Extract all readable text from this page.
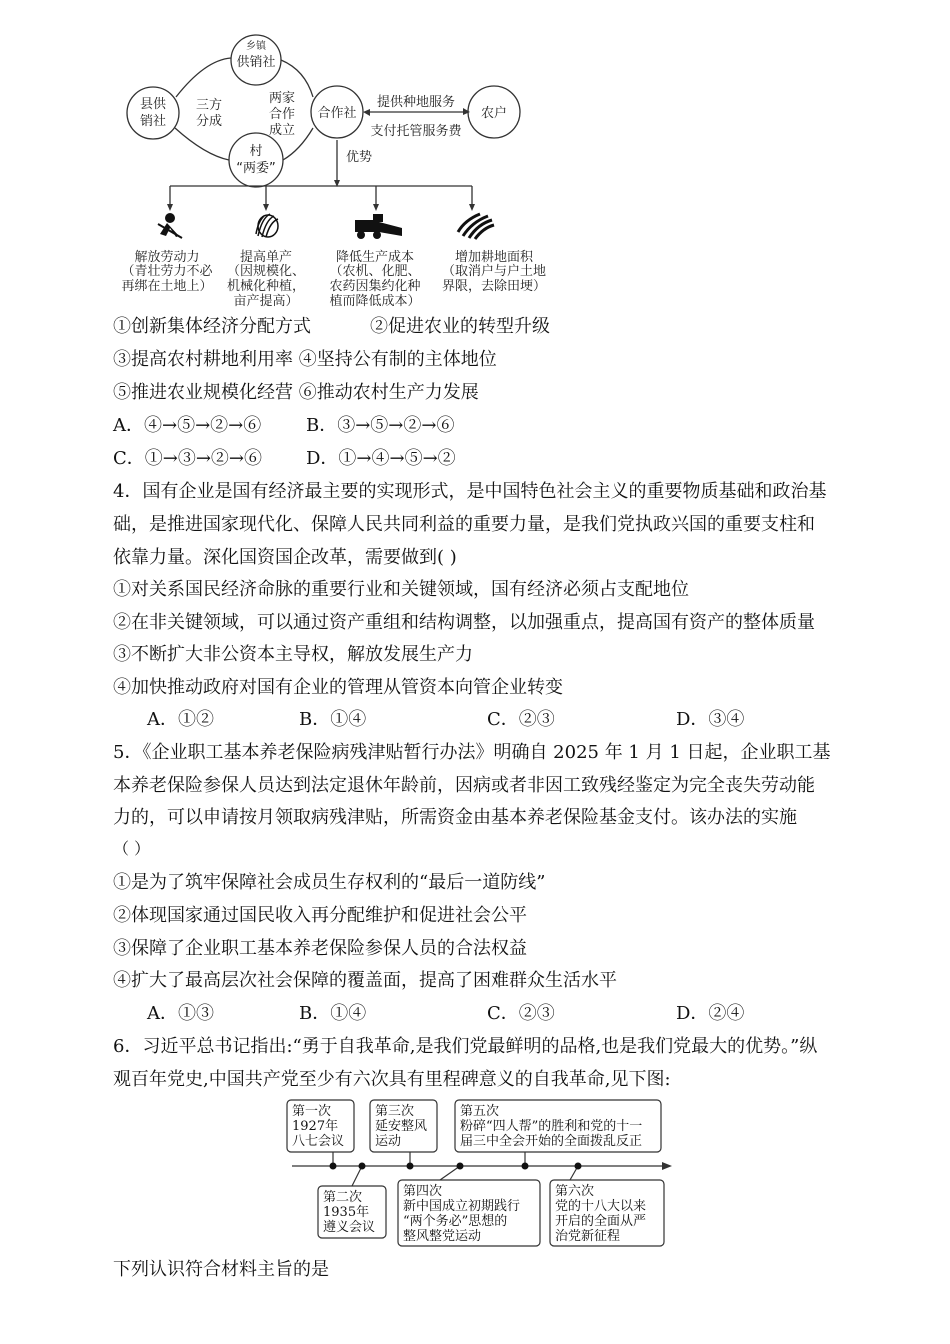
乡镇
供销社
县供
销社
三方
分成
村
“两委”
两家
合作
成立
合作社
提供种地服务
支付托管服务费
农户
优势
解放劳动力
（青壮劳力不必
再绑在土地上）
提高单产
（因规模化、
机械化种植，
亩产提高）
降低生产成本
（农机、化肥、
农药因集约化种
植而降低成本）
增加耕地面积
（取消户与户土地
界限，去除田埂）
①创新集体经济分配方式	②促进农业的转型升级
③提高农村耕地利用率 ④坚持公有制的主体地位
⑤推进农业规模化经营 ⑥推动农村生产力发展
A．④→⑤→②→⑥ B．③→⑤→②→⑥
C．①→③→②→⑥ D．①→④→⑤→②
4．国有企业是国有经济最主要的实现形式，是中国特色社会主义的重要物质基础和政治基
础，是推进国家现代化、保障人民共同利益的重要力量，是我们党执政兴国的重要支柱和
依靠力量。深化国资国企改革，需要做到( )
①对关系国民经济命脉的重要行业和关键领域，国有经济必须占支配地位
②在非关键领域，可以通过资产重组和结构调整，以加强重点，提高国有资产的整体质量
③不断扩大非公资本主导权，解放发展生产力
④加快推动政府对国有企业的管理从管资本向管企业转变
A．①②	B．①④	C．②③	D．③④
5．《企业职工基本养老保险病残津贴暂行办法》明确自 2025 年 1 月 1 日起，企业职工基
本养老保险参保人员达到法定退休年龄前，因病或者非因工致残经鉴定为完全丧失劳动能
力的，可以申请按月领取病残津贴，所需资金由基本养老保险基金支付。该办法的实施
（ ）
①是为了筑牢保障社会成员生存权利的“最后一道防线”
②体现国家通过国民收入再分配维护和促进社会公平
③保障了企业职工基本养老保险参保人员的合法权益
④扩大了最高层次社会保障的覆盖面，提高了困难群众生活水平
A．①③	B．①④	C．②③	D．②④
6．习近平总书记指出:“勇于自我革命,是我们党最鲜明的品格,也是我们党最大的优势。”纵
观百年党史,中国共产党至少有六次具有里程碑意义的自我革命,见下图:
第一次
1927年
八七会议
第三次
延安整风
运动
第五次
粉碎“四人帮”的胜利和党的十一
届三中全会开始的全面拨乱反正
第二次
1935年
遵义会议
第四次
新中国成立初期践行
“两个务必”思想的
整风整党运动
第六次
党的十八大以来
开启的全面从严
治党新征程
下列认识符合材料主旨的是
